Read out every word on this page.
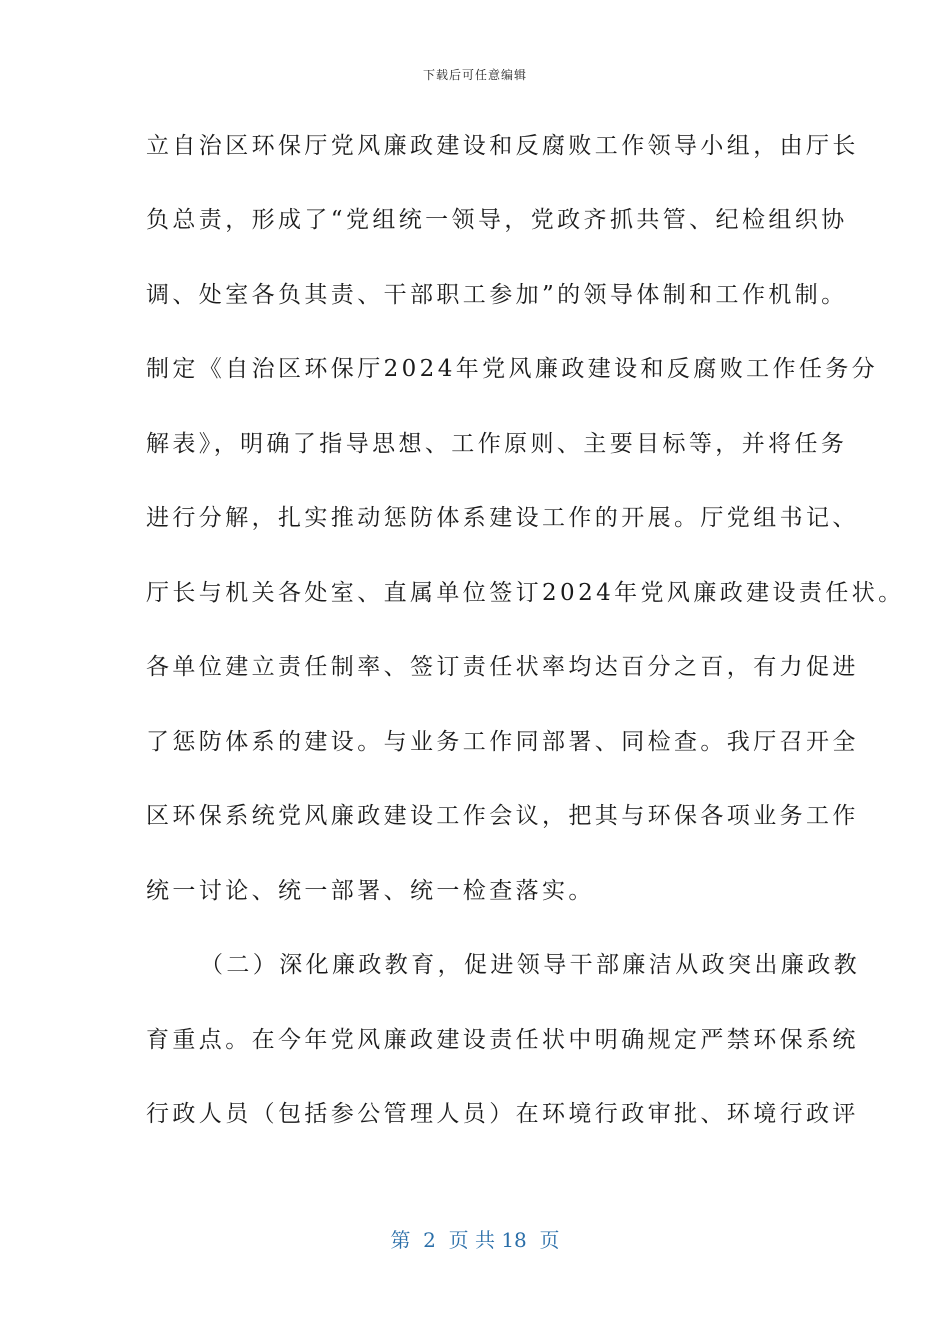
下载后可任意编辑
立自治区环保厅党风廉政建设和反腐败工作领导小组，由厅长
负总责，形成了“党组统一领导，党政齐抓共管、纪检组织协
调、处室各负其责、干部职工参加”的领导体制和工作机制。
制定《自治区环保厅2024年党风廉政建设和反腐败工作任务分
解表》，明确了指导思想、工作原则、主要目标等，并将任务
进行分解，扎实推动惩防体系建设工作的开展。厅党组书记、
厅长与机关各处室、直属单位签订2024年党风廉政建设责任状。
各单位建立责任制率、签订责任状率均达百分之百，有力促进
了惩防体系的建设。与业务工作同部署、同检查。我厅召开全
区环保系统党风廉政建设工作会议，把其与环保各项业务工作
统一讨论、统一部署、统一检查落实。
（二）深化廉政教育，促进领导干部廉洁从政突出廉政教
育重点。在今年党风廉政建设责任状中明确规定严禁环保系统
行政人员（包括参公管理人员）在环境行政审批、环境行政评
第  2  页 共 18  页
